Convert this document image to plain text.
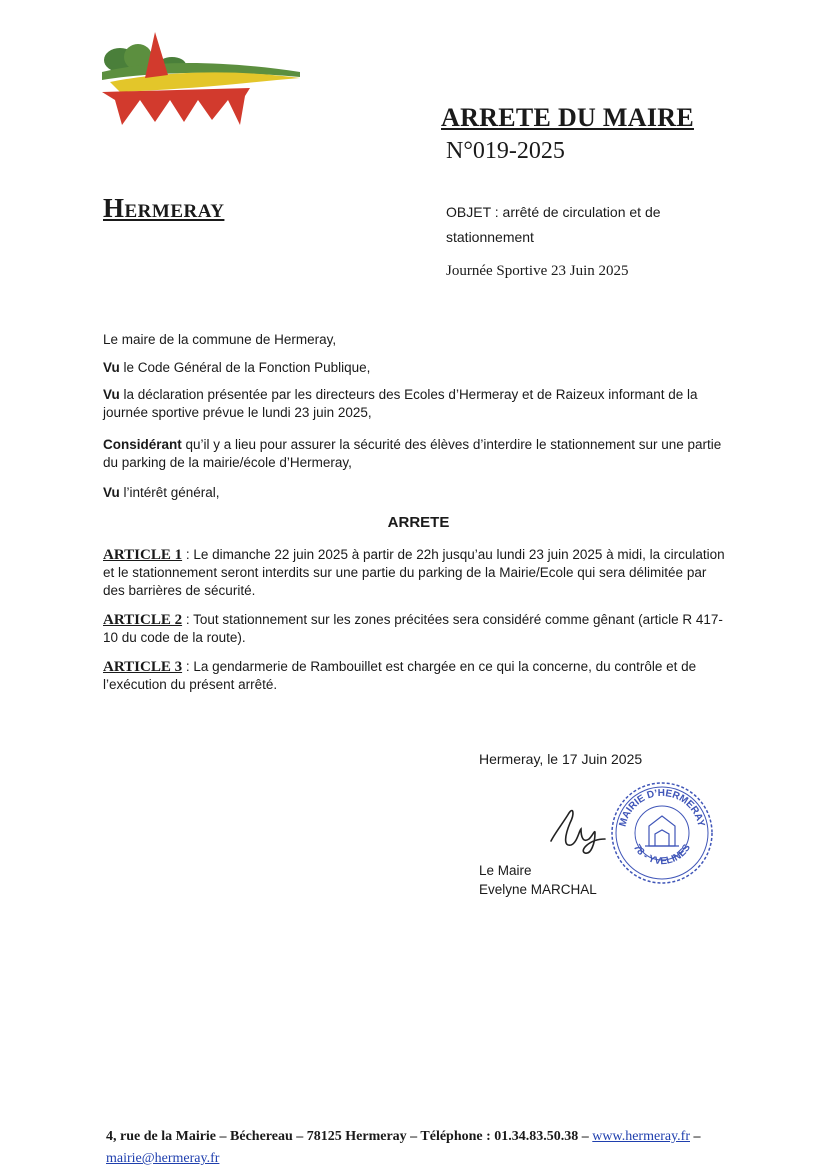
ARRETE DU MAIRE
N°019-2025
Hermeray	OBJET : arrêté de circulation et de stationnement
Journée Sportive 23 Juin 2025
Le maire de la commune de Hermeray,
Vu le Code Général de la Fonction Publique,
Vu la déclaration présentée par les directeurs des Ecoles d’Hermeray et de Raizeux informant de la journée sportive prévue le lundi 23 juin 2025,
Considérant qu’il y a lieu pour assurer la sécurité des élèves d’interdire le stationnement sur une partie du parking de la mairie/école d’Hermeray,
Vu l’intérêt général,
ARRETE
ARTICLE 1 : Le dimanche 22 juin 2025 à partir de 22h jusqu’au lundi 23 juin 2025 à midi, la circulation et le stationnement seront interdits sur une partie du parking de la Mairie/Ecole qui sera délimitée par des barrières de sécurité.
ARTICLE 2 : Tout stationnement sur les zones précitées sera considéré comme gênant (article R 417-10 du code de la route).
ARTICLE 3 : La gendarmerie de Rambouillet est chargée en ce qui la concerne, du contrôle et de l’exécution du présent arrêté.
Hermeray, le 17 Juin 2025
MAIRIE D’HERMERAY
78 - YVELINES
Le Maire
Evelyne MARCHAL
4, rue de la Mairie – Béchereau – 78125 Hermeray – Téléphone : 01.34.83.50.38 – www.hermeray.fr – mairie@hermeray.fr
